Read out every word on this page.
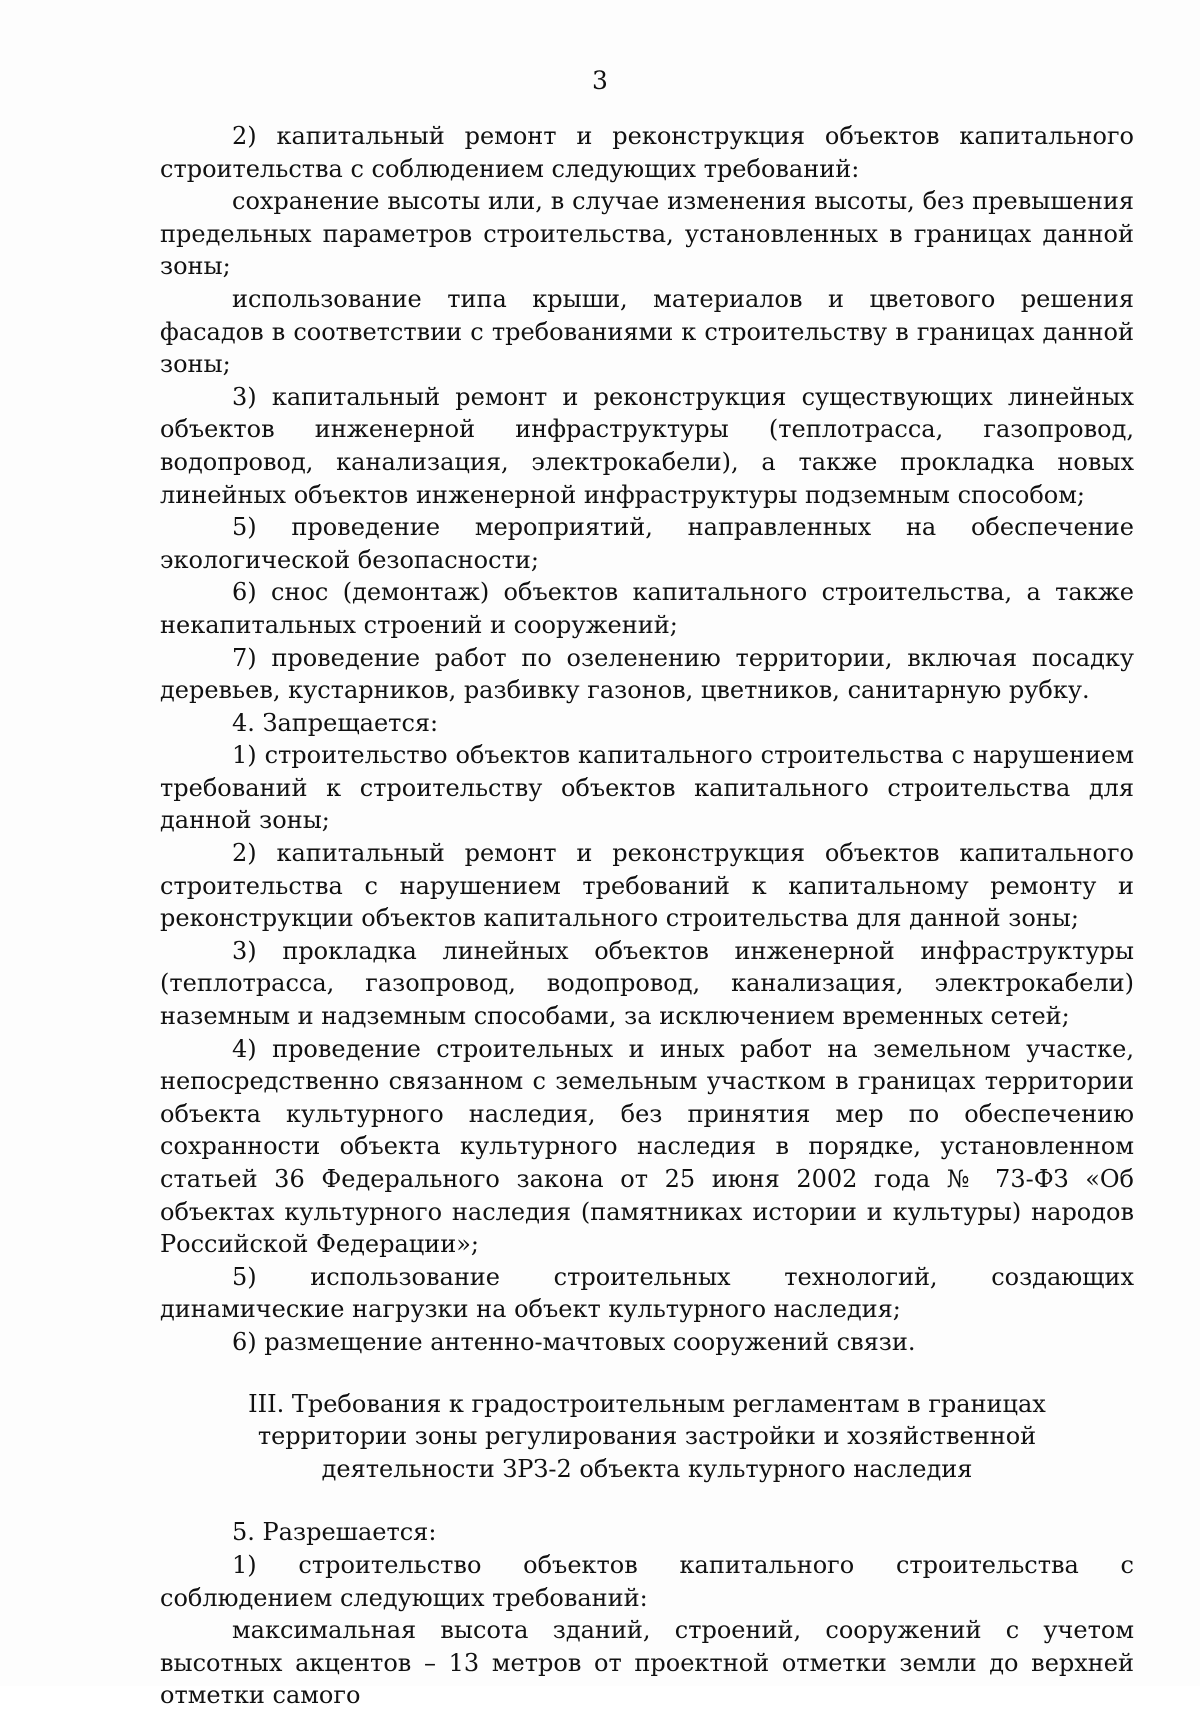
3

2) капитальный ремонт и реконструкция объектов капитального строительства с соблюдением следующих требований:

сохранение высоты или, в случае изменения высоты, без превышения предельных параметров строительства, установленных в границах данной зоны;

использование типа крыши, материалов и цветового решения фасадов в соответствии с требованиями к строительству в границах данной зоны;

3) капитальный ремонт и реконструкция существующих линейных объектов инженерной инфраструктуры (теплотрасса, газопровод, водопровод, канализация, электрокабели), а также прокладка новых линейных объектов инженерной инфраструктуры подземным способом;

5) проведение мероприятий, направленных на обеспечение экологической безопасности;

6) снос (демонтаж) объектов капитального строительства, а также некапитальных строений и сооружений;

7) проведение работ по озеленению территории, включая посадку деревьев, кустарников, разбивку газонов, цветников, санитарную рубку.

4. Запрещается:

1) строительство объектов капитального строительства с нарушением требований к строительству объектов капитального строительства для данной зоны;

2) капитальный ремонт и реконструкция объектов капитального строительства с нарушением требований к капитальному ремонту и реконструкции объектов капитального строительства для данной зоны;

3) прокладка линейных объектов инженерной инфраструктуры (теплотрасса, газопровод, водопровод, канализация, электрокабели) наземным и надземным способами, за исключением временных сетей;

4) проведение строительных и иных работ на земельном участке, непосредственно связанном с земельным участком в границах территории объекта культурного наследия, без принятия мер по обеспечению сохранности объекта культурного наследия в порядке, установленном статьей 36 Федерального закона от 25 июня 2002 года № 73-ФЗ «Об объектах культурного наследия (памятниках истории и культуры) народов Российской Федерации»;

5) использование строительных технологий, создающих динамические нагрузки на объект культурного наследия;

6) размещение антенно-мачтовых сооружений связи.

III. Требования к градостроительным регламентам в границах территории зоны регулирования застройки и хозяйственной деятельности ЗРЗ-2 объекта культурного наследия

5. Разрешается:

1) строительство объектов капитального строительства с соблюдением следующих требований:

максимальная высота зданий, строений, сооружений с учетом высотных акцентов – 13 метров от проектной отметки земли до верхней отметки самого
